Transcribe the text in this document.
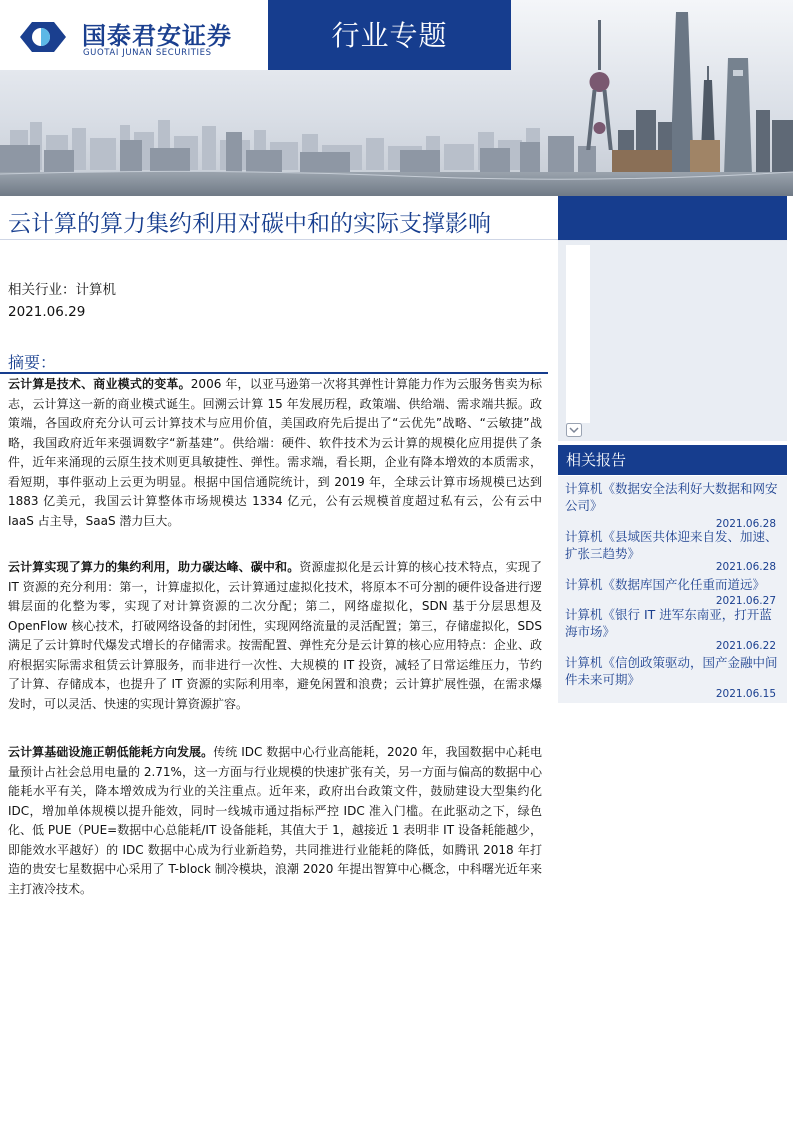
国泰君安证券
GUOTAI JUNAN SECURITIES
行业专题
云计算的算力集约利用对碳中和的实际支撑影响
相关行业：计算机
2021.06.29
摘要：

云计算是技术、商业模式的变革。2006 年，以亚马逊第一次将其弹性计算能力作为云服务售卖为标志，云计算这一新的商业模式诞生。回溯云计算 15 年发展历程，政策端、供给端、需求端共振。政策端，各国政府充分认可云计算技术与应用价值，美国政府先后提出了“云优先”战略、“云敏捷”战略，我国政府近年来强调数字“新基建”。供给端：硬件、软件技术为云计算的规模化应用提供了条件，近年来涌现的云原生技术则更具敏捷性、弹性。需求端，看长期，企业有降本增效的本质需求，看短期，事件驱动上云更为明显。根据中国信通院统计，到 2019 年，全球云计算市场规模已达到 1883 亿美元，我国云计算整体市场规模达 1334 亿元，公有云规模首度超过私有云，公有云中 IaaS 占主导，SaaS 潜力巨大。

云计算实现了算力的集约利用，助力碳达峰、碳中和。资源虚拟化是云计算的核心技术特点，实现了 IT 资源的充分利用：第一，计算虚拟化，云计算通过虚拟化技术，将原本不可分割的硬件设备进行逻辑层面的化整为零，实现了对计算资源的二次分配；第二，网络虚拟化，SDN 基于分层思想及 OpenFlow 核心技术，打破网络设备的封闭性，实现网络流量的灵活配置；第三，存储虚拟化，SDS 满足了云计算时代爆发式增长的存储需求。按需配置、弹性充分是云计算的核心应用特点：企业、政府根据实际需求租赁云计算服务，而非进行一次性、大规模的 IT 投资，减轻了日常运维压力，节约了计算、存储成本，也提升了 IT 资源的实际利用率，避免闲置和浪费；云计算扩展性强，在需求爆发时，可以灵活、快速的实现计算资源扩容。

云计算基础设施正朝低能耗方向发展。传统 IDC 数据中心行业高能耗，2020 年，我国数据中心耗电量预计占社会总用电量的 2.71%，这一方面与行业规模的快速扩张有关，另一方面与偏高的数据中心能耗水平有关，降本增效成为行业的关注重点。近年来，政府出台政策文件，鼓励建设大型集约化 IDC，增加单体规模以提升能效，同时一线城市通过指标严控 IDC 准入门槛。在此驱动之下，绿色化、低 PUE（PUE=数据中心总能耗/IT 设备能耗，其值大于 1，越接近 1 表明非 IT 设备耗能越少，即能效水平越好）的 IDC 数据中心成为行业新趋势，共同推进行业能耗的降低，如腾讯 2018 年打造的贵安七星数据中心采用了 T-block 制冷模块，浪潮 2020 年提出智算中心概念，中科曙光近年来主打液冷技术。

相关报告
计算机《数据安全法利好大数据和网安公司》
2021.06.28
计算机《县域医共体迎来自发、加速、扩张三趋势》
2021.06.28
计算机《数据库国产化任重而道远》
2021.06.27
计算机《银行 IT 进军东南亚，打开蓝海市场》
2021.06.22
计算机《信创政策驱动，国产金融中间件未来可期》
2021.06.15
